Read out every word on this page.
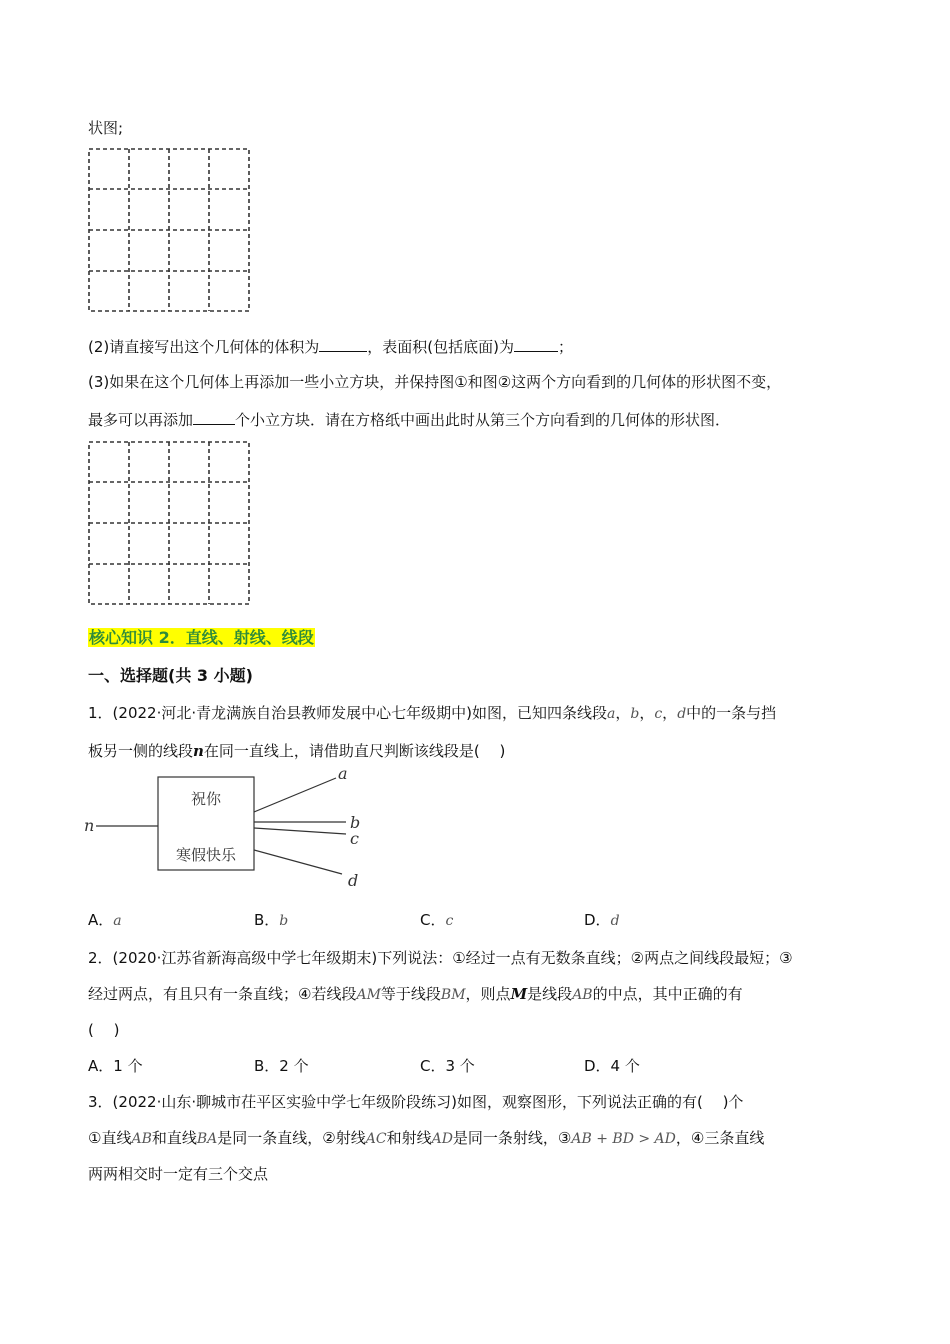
状图;
(2)请直接写出这个几何体的体积为	，表面积(包括底面)为	；
(3)如果在这个几何体上再添加一些小立方块，并保持图①和图②这两个方向看到的几何体的形状图不变，
最多可以再添加	个小立方块．请在方格纸中画出此时从第三个方向看到的几何体的形状图．
核心知识 2．直线、射线、线段
一、选择题(共 3 小题)
1．(2022·河北·青龙满族自治县教师发展中心七年级期中)如图，已知四条线段a，b，c，d中的一条与挡
板另一侧的线段n在同一直线上，请借助直尺判断该线段是(　 )
祝你
寒假快乐
n
a
b
c
d
A．a	B．b	C．c	D．d
2．(2020·江苏省新海高级中学七年级期末)下列说法：①经过一点有无数条直线；②两点之间线段最短；③
经过两点，有且只有一条直线；④若线段AM等于线段BM，则点M是线段AB的中点，其中正确的有
(　 )
A．1 个	B．2 个	C．3 个	D．4 个
3．(2022·山东·聊城市茌平区实验中学七年级阶段练习)如图，观察图形，下列说法正确的有(　 )个
①直线AB和直线BA是同一条直线，②射线AC和射线AD是同一条射线，③AB + BD > AD，④三条直线
两两相交时一定有三个交点
